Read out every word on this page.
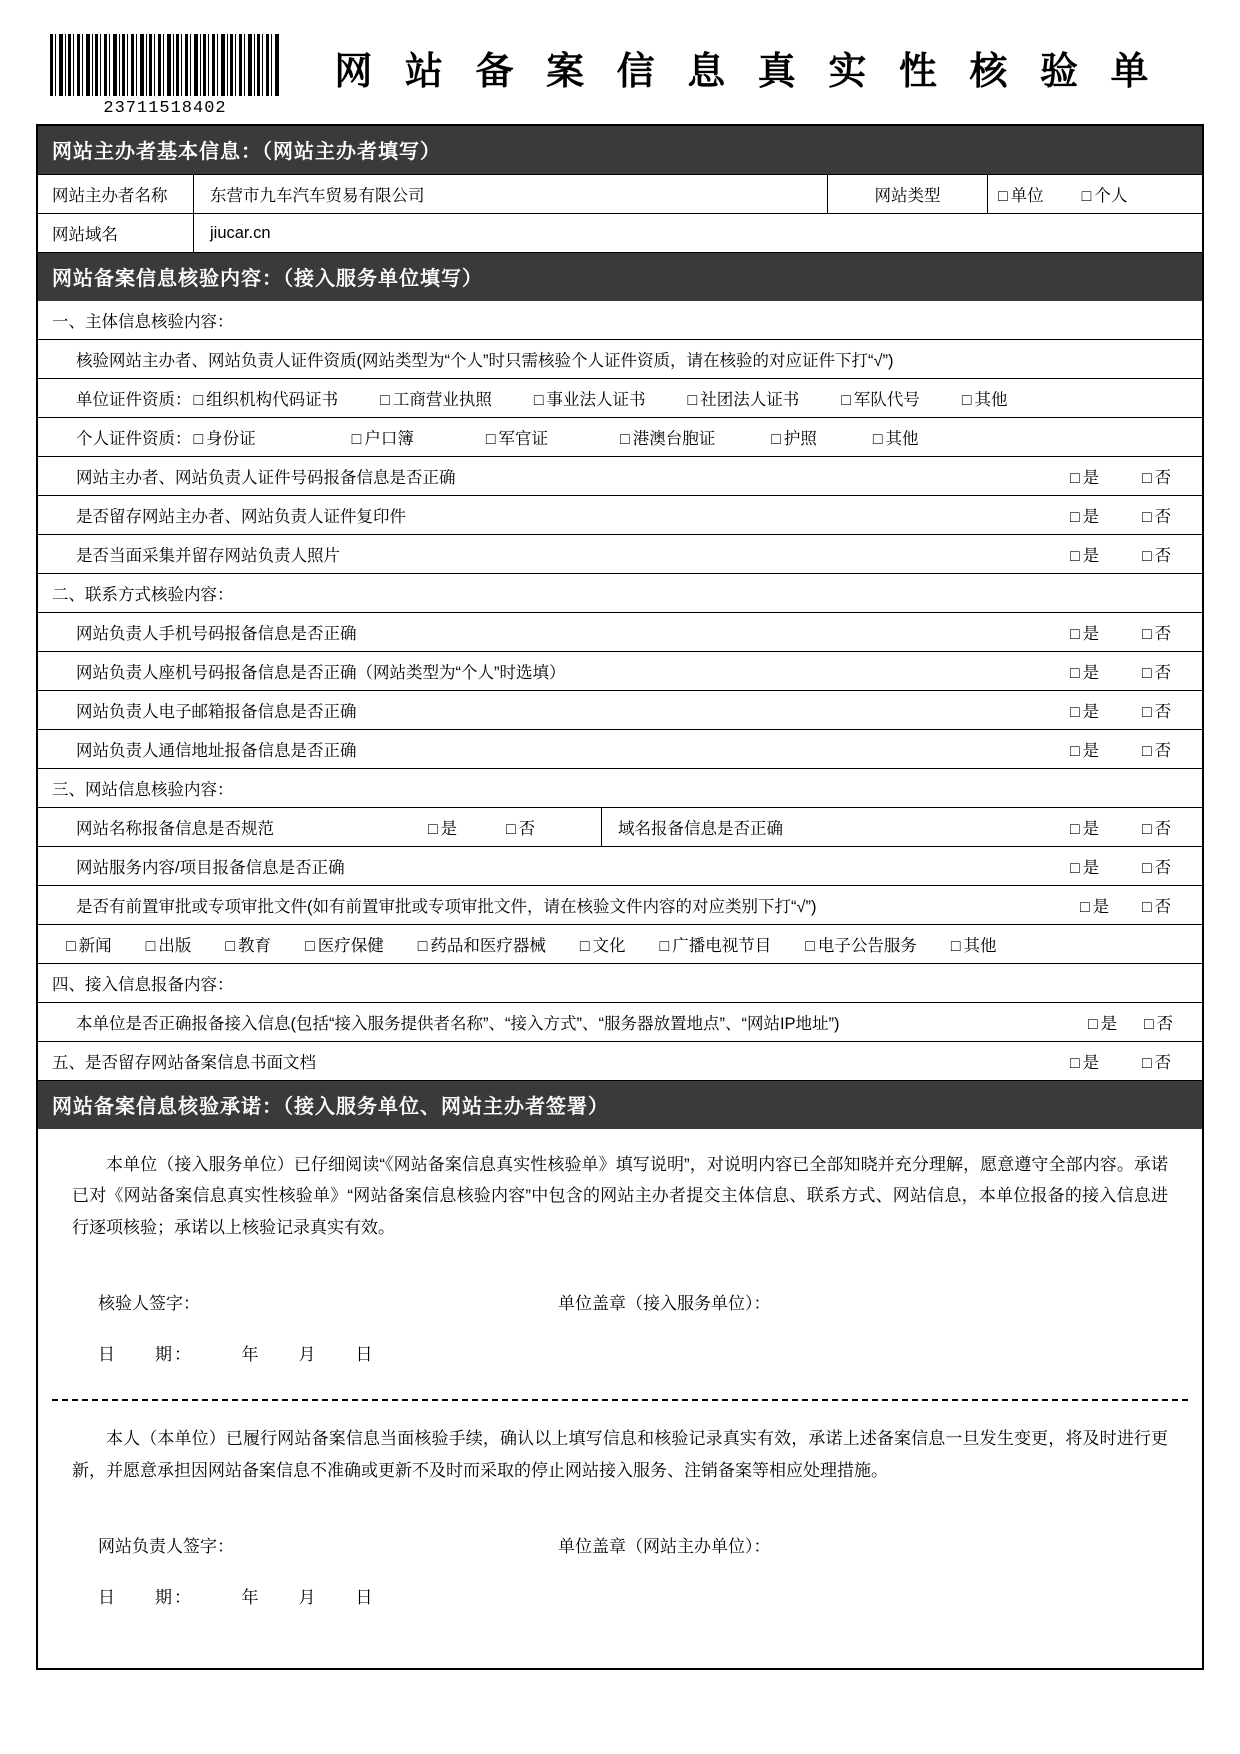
23711518402
网 站 备 案 信 息 真 实 性 核 验 单
网站主办者基本信息：（网站主办者填写）
网站主办者名称	东营市九车汽车贸易有限公司	网站类型	□ 单位	□ 个人
网站域名	jiucar.cn
网站备案信息核验内容：（接入服务单位填写）
一、主体信息核验内容：
核验网站主办者、网站负责人证件资质(网站类型为“个人”时只需核验个人证件资质，请在核验的对应证件下打“√”)
单位证件资质： □ 组织机构代码证书	□ 工商营业执照	□ 事业法人证书	□ 社团法人证书	□ 军队代号	□ 其他
个人证件资质： □ 身份证	□ 户口簿	□ 军官证	□ 港澳台胞证	□ 护照	□ 其他
网站主办者、网站负责人证件号码报备信息是否正确	□ 是	□ 否
是否留存网站主办者、网站负责人证件复印件	□ 是	□ 否
是否当面采集并留存网站负责人照片	□ 是	□ 否
二、联系方式核验内容：
网站负责人手机号码报备信息是否正确	□ 是	□ 否
网站负责人座机号码报备信息是否正确（网站类型为“个人”时选填）	□ 是	□ 否
网站负责人电子邮箱报备信息是否正确	□ 是	□ 否
网站负责人通信地址报备信息是否正确	□ 是	□ 否
三、网站信息核验内容：
网站名称报备信息是否规范	□ 是	□ 否	域名报备信息是否正确	□ 是	□ 否
网站服务内容/项目报备信息是否正确	□ 是	□ 否
是否有前置审批或专项审批文件(如有前置审批或专项审批文件，请在核验文件内容的对应类别下打“√”)	□ 是	□ 否
□ 新闻	□ 出版	□ 教育	□ 医疗保健	□ 药品和医疗器械	□ 文化	□ 广播电视节目	□ 电子公告服务	□ 其他
四、接入信息报备内容：
本单位是否正确报备接入信息(包括“接入服务提供者名称”、“接入方式”、“服务器放置地点”、“网站IP地址”)	□ 是	□ 否
五、是否留存网站备案信息书面文档	□ 是	□ 否
网站备案信息核验承诺：（接入服务单位、网站主办者签署）

本单位（接入服务单位）已仔细阅读“《网站备案信息真实性核验单》填写说明”，对说明内容已全部知晓并充分理解，愿意遵守全部内容。承诺已对《网站备案信息真实性核验单》“网站备案信息核验内容”中包含的网站主办者提交主体信息、联系方式、网站信息，本单位报备的接入信息进行逐项核验；承诺以上核验记录真实有效。

核验人签字：	单位盖章（接入服务单位）：
日　　期：　　　年　　月　　日

本人（本单位）已履行网站备案信息当面核验手续，确认以上填写信息和核验记录真实有效，承诺上述备案信息一旦发生变更，将及时进行更新，并愿意承担因网站备案信息不准确或更新不及时而采取的停止网站接入服务、注销备案等相应处理措施。

网站负责人签字：	单位盖章（网站主办单位）：
日　　期：　　　年　　月　　日
